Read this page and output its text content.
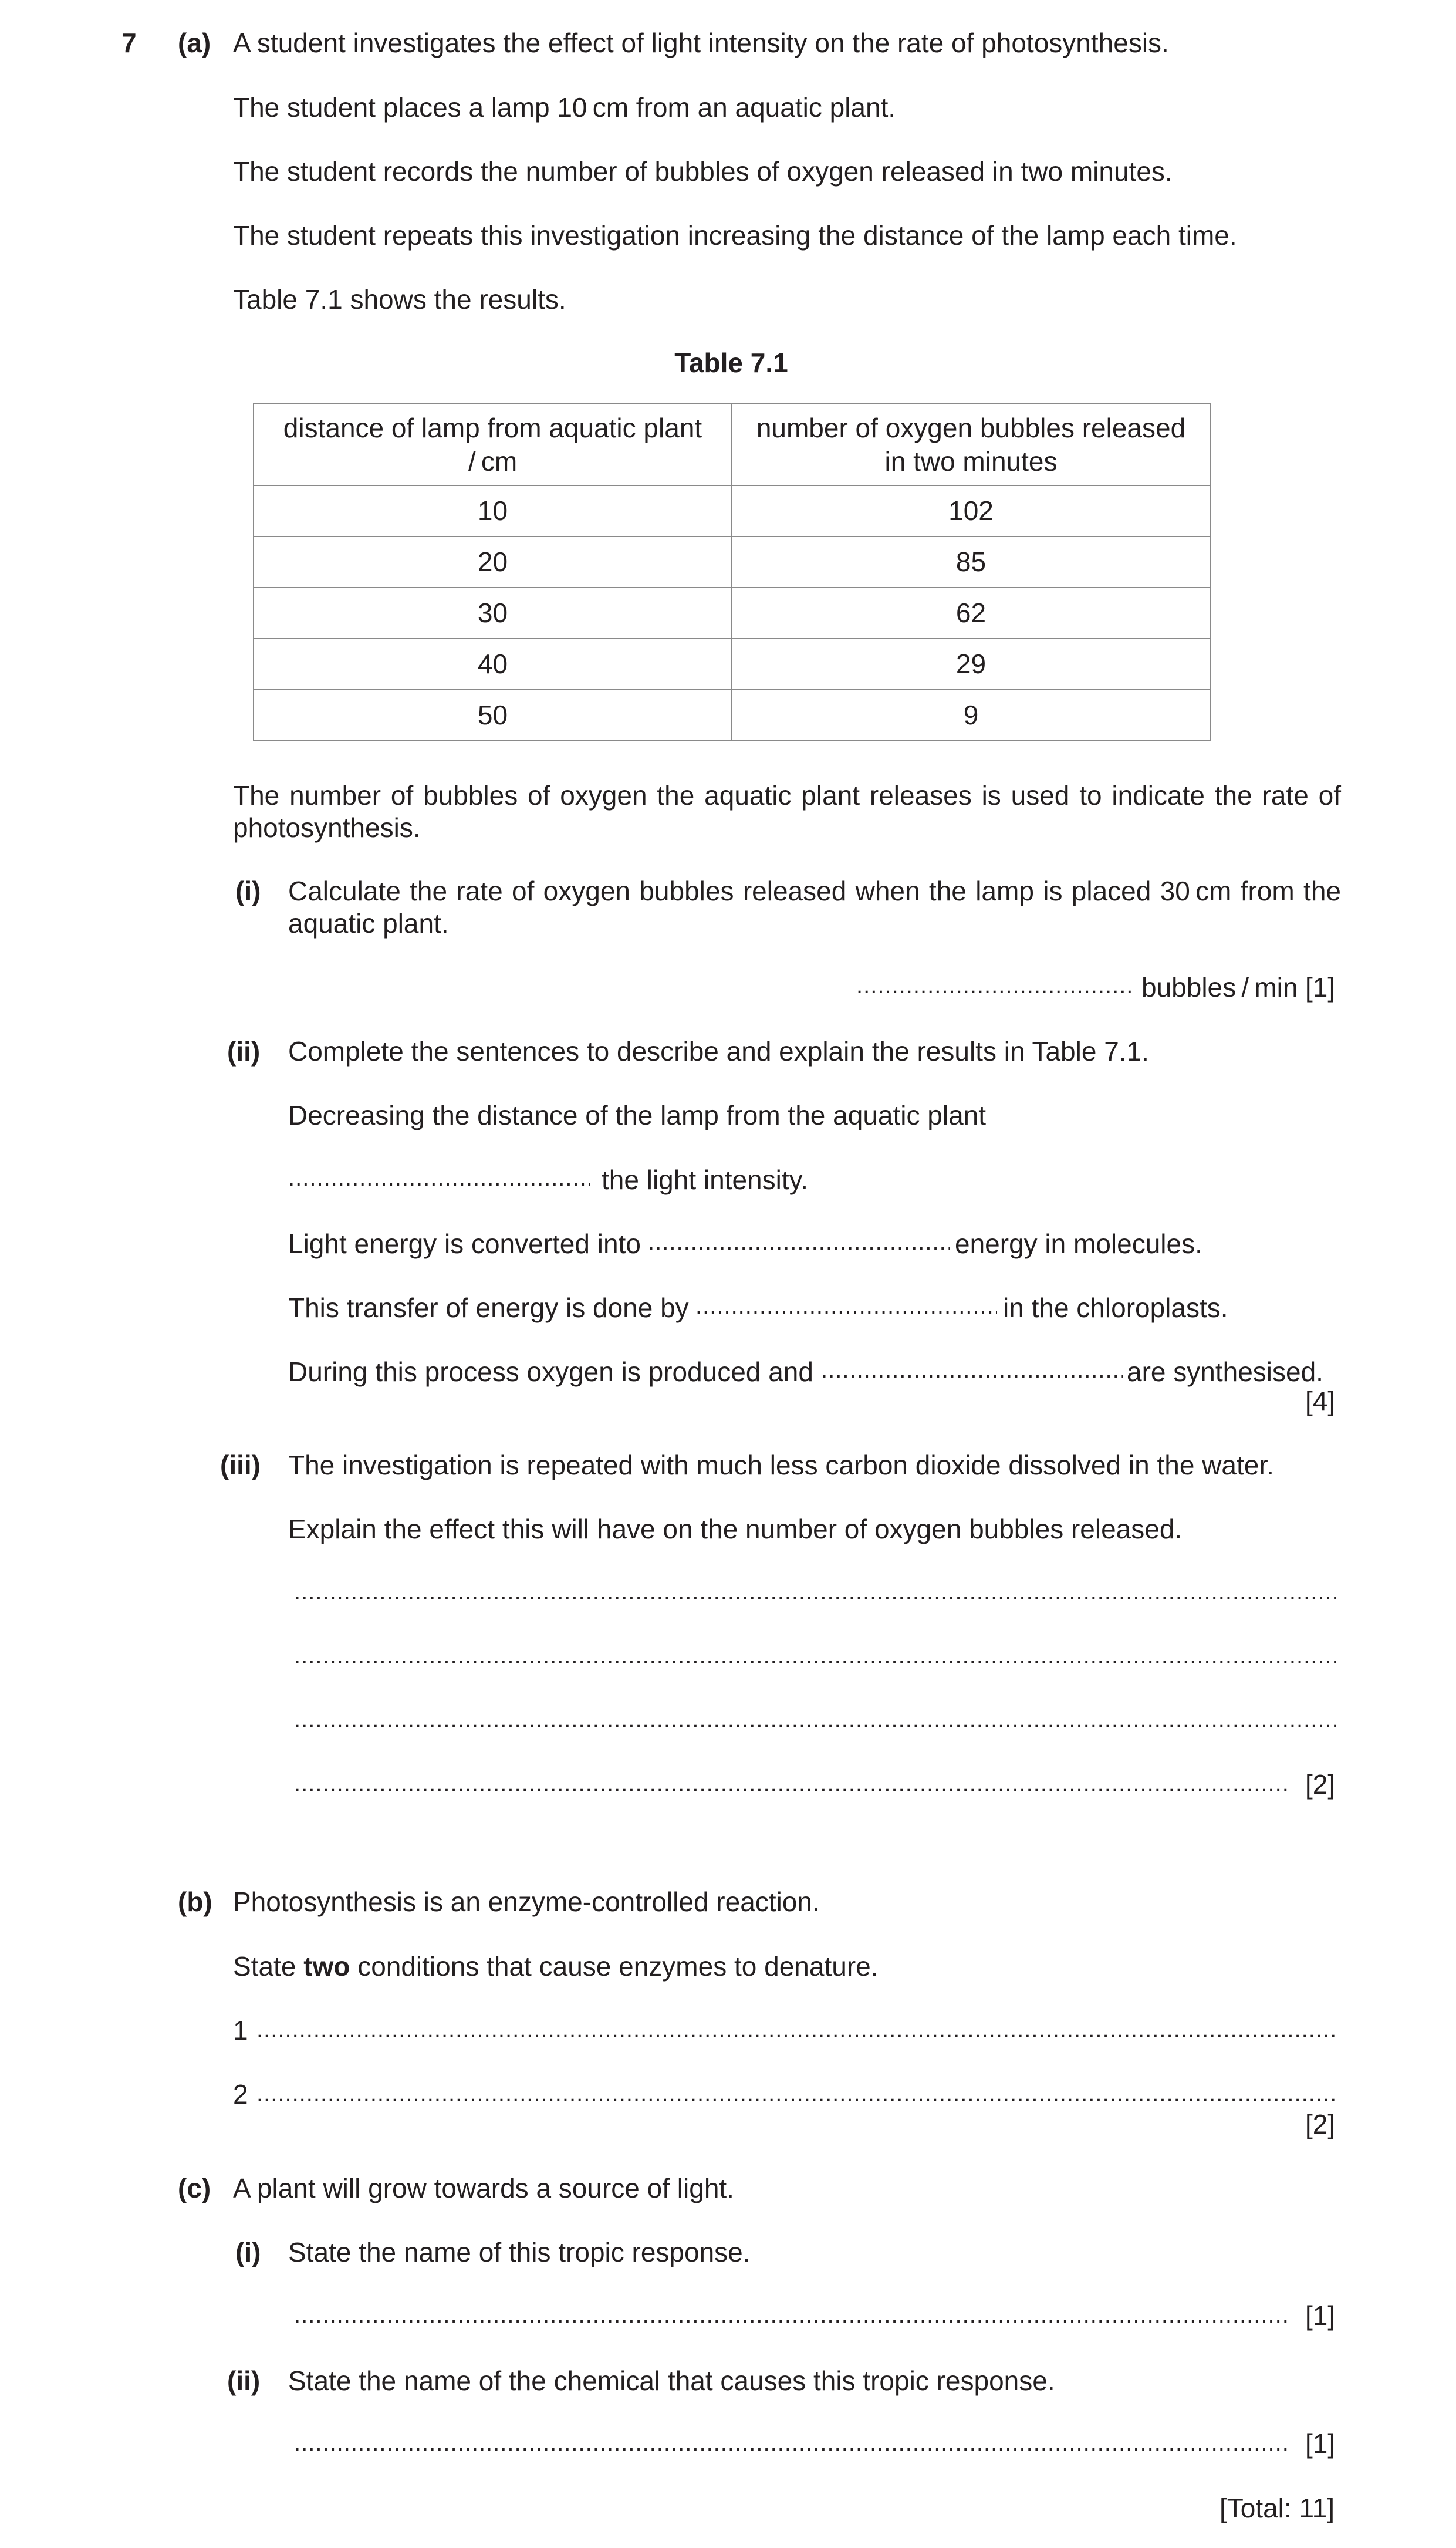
7 (a) A student investigates the effect of light intensity on the rate of photosynthesis.
The student places a lamp 10 cm from an aquatic plant.
The student records the number of bubbles of oxygen released in two minutes.
The student repeats this investigation increasing the distance of the lamp each time.
Table 7.1 shows the results.
Table 7.1
distance of lamp from aquatic plant / cm	number of oxygen bubbles released in two minutes
10	102
20	85
30	62
40	29
50	9
The number of bubbles of oxygen the aquatic plant releases is used to indicate the rate of photosynthesis.
(i) Calculate the rate of oxygen bubbles released when the lamp is placed 30 cm from the aquatic plant.
.....
bubbles / min [1]
(ii) Complete the sentences to describe and explain the results in Table 7.1.
Decreasing the distance of the lamp from the aquatic plant
.....
the light intensity.
Light energy is converted into .....	energy in molecules.
This transfer of energy is done by .....	in the chloroplasts.
During this process oxygen is produced and .....	are synthesised.
[4]
(iii) The investigation is repeated with much less carbon dioxide dissolved in the water.
Explain the effect this will have on the number of oxygen bubbles released.
.....
.....
.....
.....
[2]
(b) Photosynthesis is an enzyme-controlled reaction.
State two conditions that cause enzymes to denature.
1
.....
2
.....
[2]
(c) A plant will grow towards a source of light.
(i) State the name of this tropic response.
.....
[1]
(ii) State the name of the chemical that causes this tropic response.
.....
[1]
[Total: 11]
